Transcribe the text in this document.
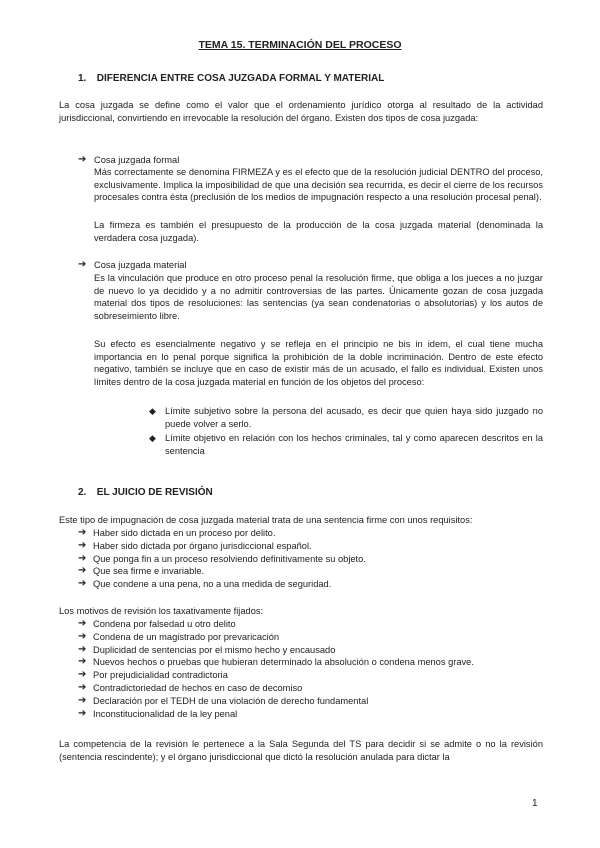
TEMA 15. TERMINACIÓN DEL PROCESO
1. DIFERENCIA ENTRE COSA JUZGADA FORMAL Y MATERIAL
La cosa juzgada se define como el valor que el ordenamiento jurídico otorga al resultado de la actividad jurisdiccional, convirtiendo en irrevocable la resolución del órgano. Existen dos tipos de cosa juzgada:
➔ Cosa juzgada formal
Más correctamente se denomina FIRMEZA y es el efecto que de la resolución judicial DENTRO del proceso, exclusivamente. Implica la imposibilidad de que una decisión sea recurrida, es decir el cierre de los recursos procesales contra ésta (preclusión de los medios de impugnación respecto a una resolución procesal penal).
La firmeza es también el presupuesto de la producción de la cosa juzgada material (denominada la verdadera cosa juzgada).
➔ Cosa juzgada material
Es la vinculación que produce en otro proceso penal la resolución firme, que obliga a los jueces a no juzgar de nuevo lo ya decidido y a no admitir controversias de las partes. Únicamente gozan de cosa juzgada material dos tipos de resoluciones: las sentencias (ya sean condenatorias o absolutorias) y los autos de sobreseimiento libre.
Su efecto es esencialmente negativo y se refleja en el principio ne bis in idem, el cual tiene mucha importancia en lo penal porque significa la prohibición de la doble incriminación. Dentro de este efecto negativo, también se incluye que en caso de existir más de un acusado, el fallo es individual. Existen unos límites dentro de la cosa juzgada material en función de los objetos del proceso:
◆ Límite subjetivo sobre la persona del acusado, es decir que quien haya sido juzgado no puede volver a serlo.
◆ Límite objetivo en relación con los hechos criminales, tal y como aparecen descritos en la sentencia
2. EL JUICIO DE REVISIÓN
Este tipo de impugnación de cosa juzgada material trata de una sentencia firme con unos requisitos:
➔ Haber sido dictada en un proceso por delito.
➔ Haber sido dictada por órgano jurisdiccional español.
➔ Que ponga fin a un proceso resolviendo definitivamente su objeto.
➔ Que sea firme e invariable.
➔ Que condene a una pena, no a una medida de seguridad.
Los motivos de revisión los taxativamente fijados:
➔ Condena por falsedad u otro delito
➔ Condena de un magistrado por prevaricación
➔ Duplicidad de sentencias por el mismo hecho y encausado
➔ Nuevos hechos o pruebas que hubieran determinado la absolución o condena menos grave.
➔ Por prejudicialidad contradictoria
➔ Contradictoriedad de hechos en caso de decomiso
➔ Declaración por el TEDH de una violación de derecho fundamental
➔ Inconstitucionalidad de la ley penal
La competencia de la revisión le pertenece a la Sala Segunda del TS para decidir si se admite o no la revisión (sentencia rescindente); y el órgano jurisdiccional que dictó la resolución anulada para dictar la
1
